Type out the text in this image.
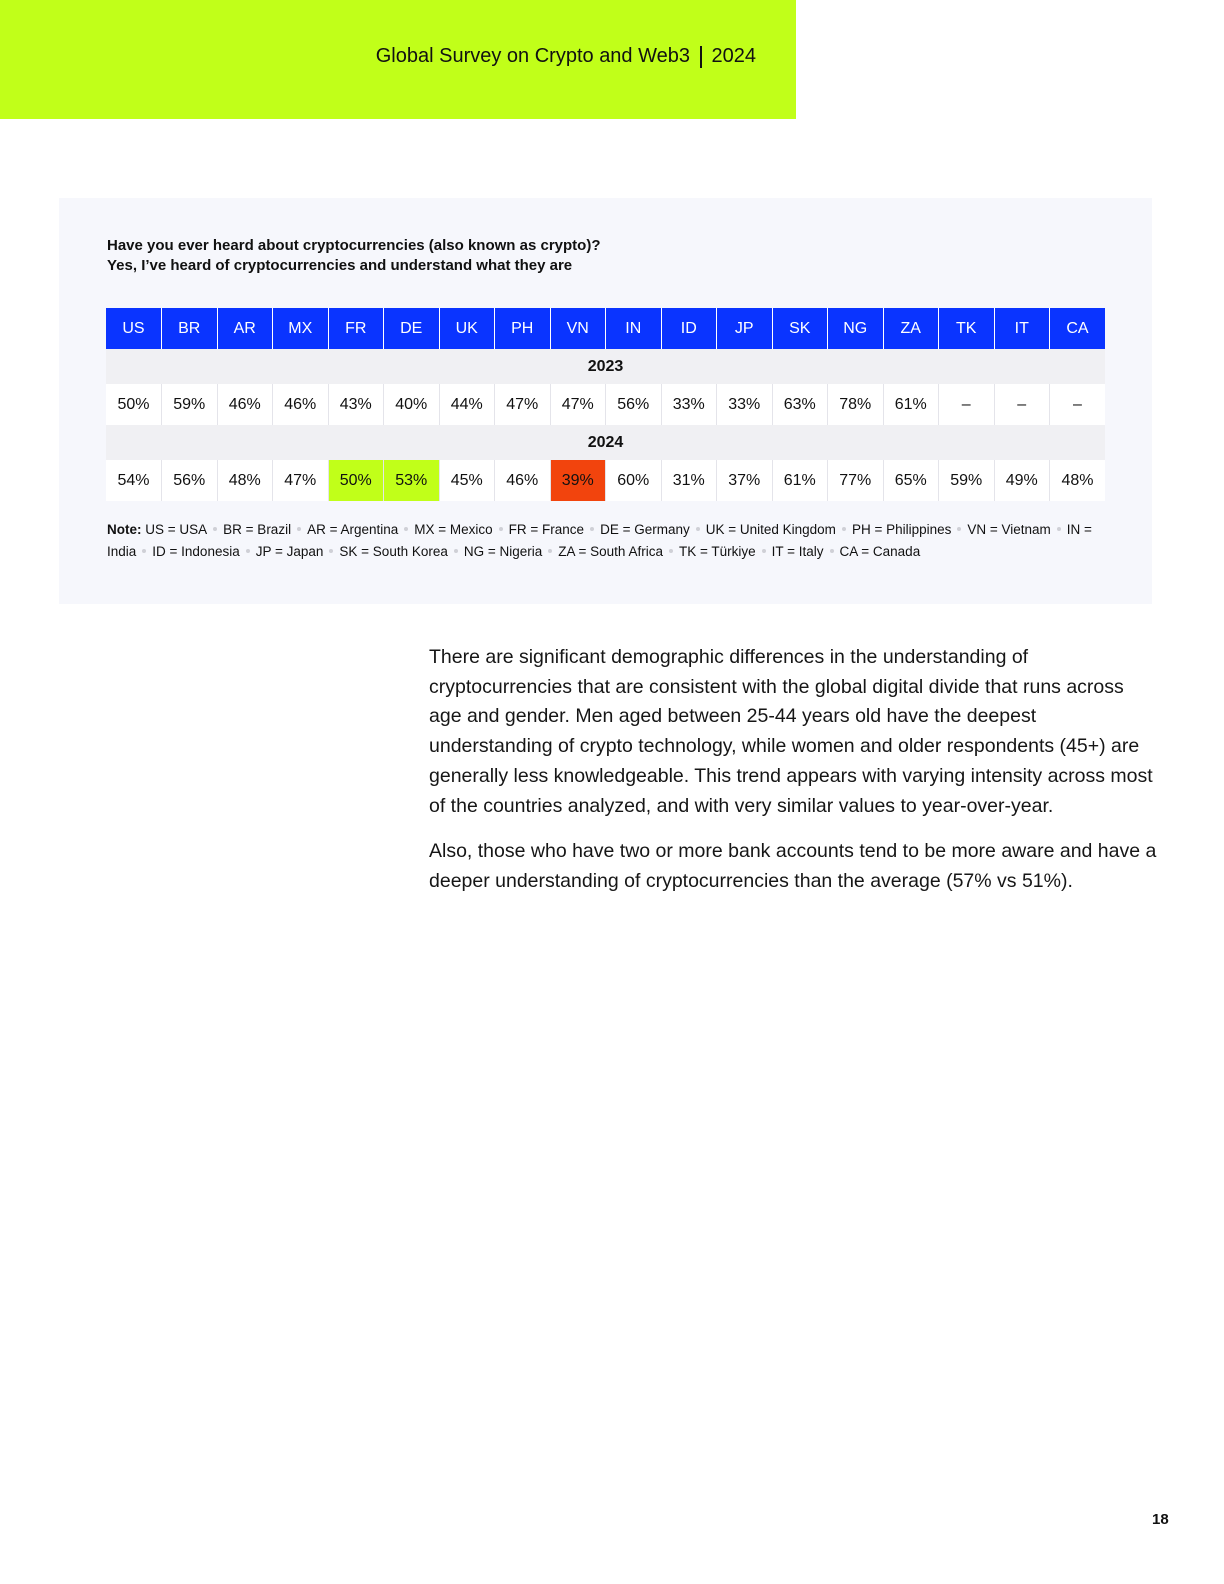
Global Survey on Crypto and Web3 2024
Have you ever heard about cryptocurrencies (also known as crypto)?
Yes, I’ve heard of cryptocurrencies and understand what they are
US	BR	AR	MX	FR	DE	UK	PH	VN	IN	ID	JP	SK	NG	ZA	TK	IT	CA
2023																	
50%	59%	46%	46%	43%	40%	44%	47%	47%	56%	33%	33%	63%	78%	61%	–	–	–
2024																	
54%	56%	48%	47%	50%	53%	45%	46%	39%	60%	31%	37%	61%	77%	65%	59%	49%	48%
Note: US = USA BR = Brazil AR = Argentina MX = Mexico FR = France DE = Germany UK = United Kingdom PH = Philippines VN = Vietnam IN = India ID = Indonesia JP = Japan SK = South Korea NG = Nigeria ZA = South Africa TK = Türkiye IT = Italy CA = Canada

There are significant demographic differences in the understanding of cryptocurrencies that are consistent with the global digital divide that runs across age and gender. Men aged between 25-44 years old have the deepest understanding of crypto technology, while women and older respondents (45+) are generally less knowledgeable. This trend appears with varying intensity across most of the countries analyzed, and with very similar values to year-over-year.

Also, those who have two or more bank accounts tend to be more aware and have a deeper understanding of cryptocurrencies than the average (57% vs 51%).

18
